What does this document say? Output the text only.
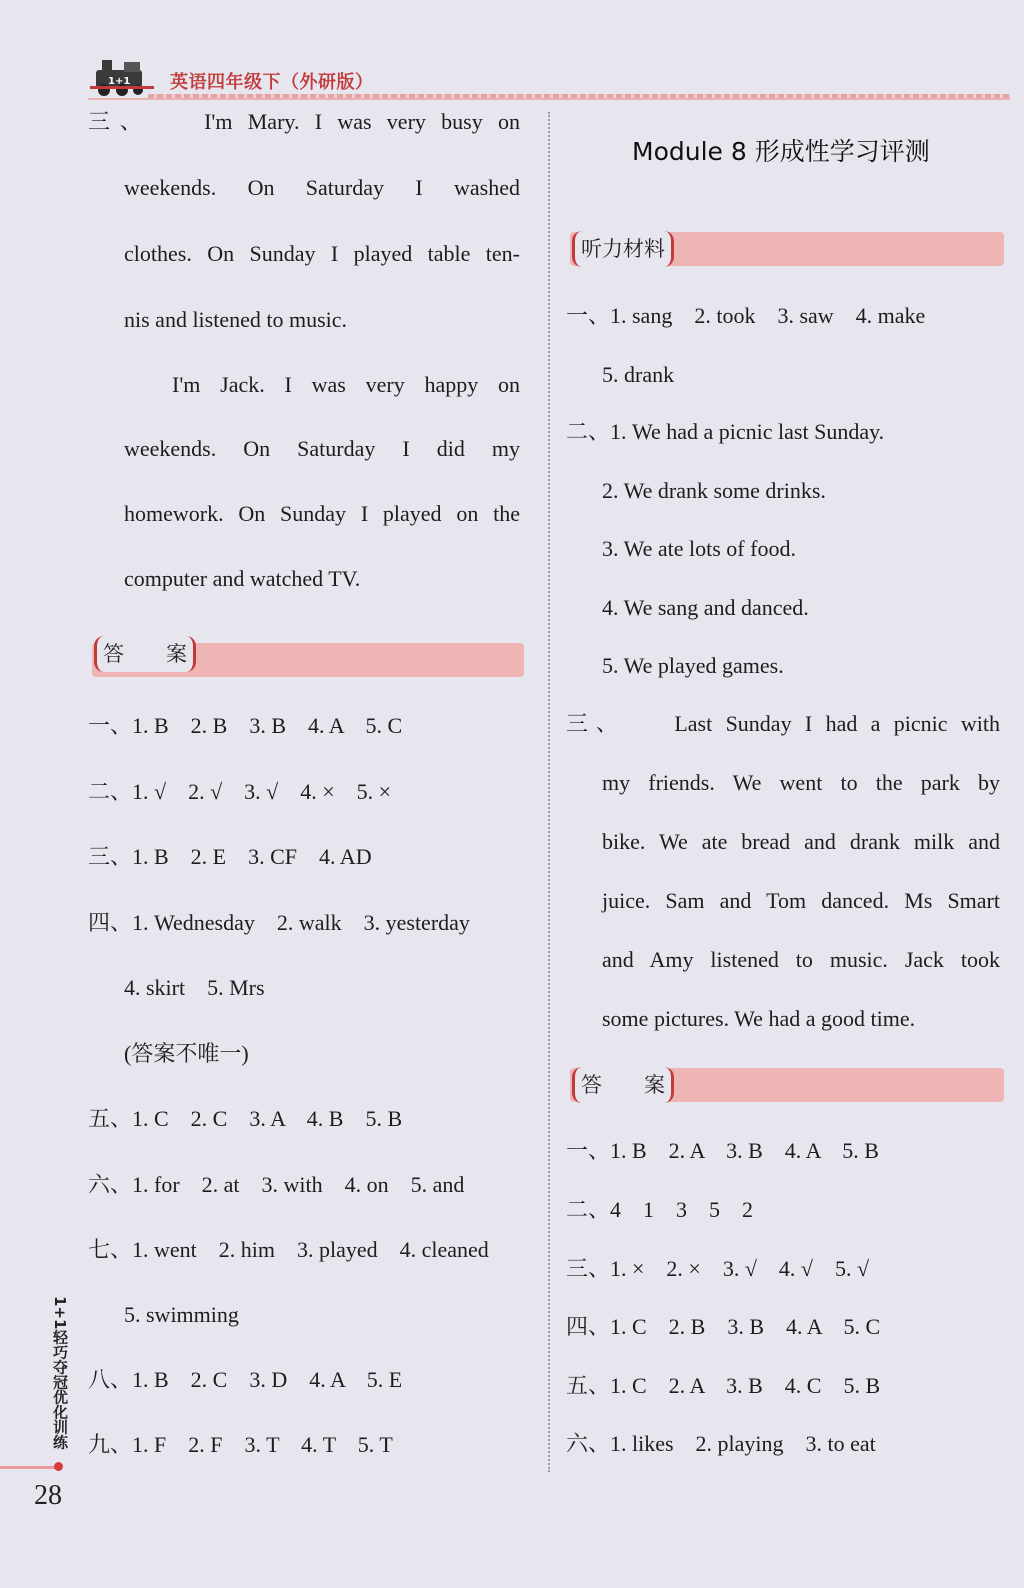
1+1 英语四年级下（外研版）
三、　　I'm Mary. I was very busy on
weekends. On Saturday I washed
clothes. On Sunday I played table ten-
nis and listened to music.
I'm Jack. I was very happy on
weekends. On Saturday I did my
homework. On Sunday I played on the
computer and watched TV.
答　　案
一、1. B　2. B　3. B　4. A　5. C
二、1. √　2. √　3. √　4. ×　5. ×
三、1. B　2. E　3. CF　4. AD
四、1. Wednesday　2. walk　3. yesterday
4. skirt　5. Mrs
(答案不唯一)
五、1. C　2. C　3. A　4. B　5. B
六、1. for　2. at　3. with　4. on　5. and
七、1. went　2. him　3. played　4. cleaned
5. swimming
八、1. B　2. C　3. D　4. A　5. E
九、1. F　2. F　3. T　4. T　5. T
Module 8 形成性学习评测
听力材料
一、1. sang　2. took　3. saw　4. make
5. drank
二、1. We had a picnic last Sunday.
2. We drank some drinks.
3. We ate lots of food.
4. We sang and danced.
5. We played games.
三、　　Last Sunday I had a picnic with
my friends. We went to the park by
bike. We ate bread and drank milk and
juice. Sam and Tom danced. Ms Smart
and Amy listened to music. Jack took
some pictures. We had a good time.
答　　案
一、1. B　2. A　3. B　4. A　5. B
二、4　1　3　5　2
三、1. ×　2. ×　3. √　4. √　5. √
四、1. C　2. B　3. B　4. A　5. C
五、1. C　2. A　3. B　4. C　5. B
六、1. likes　2. playing　3. to eat
1+1轻巧夺冠优化训练
28
